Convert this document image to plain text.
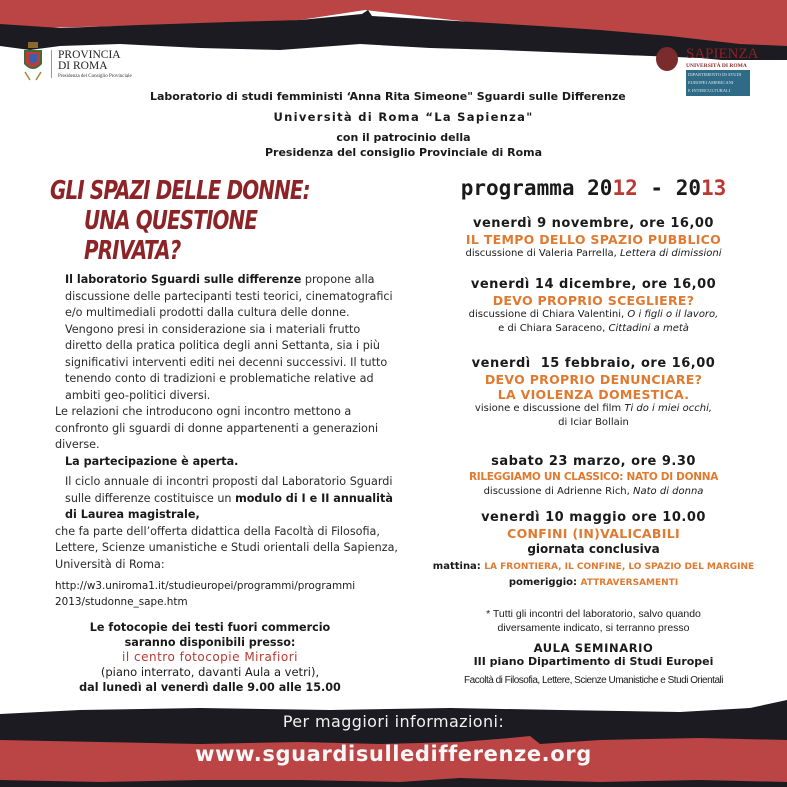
PROVINCIA
DI ROMA
Presidenza del Consiglio Provinciale
SAPIENZA
UNIVERSITÀ DI ROMA
DIPARTIMENTO DI STUDI
EUROPEI AMERICANI
E INTERCULTURALI
Laboratorio di studi femministi ‘Anna Rita Simeone" Sguardi sulle Differenze
Università di Roma “La Sapienza"
con il patrocinio della
Presidenza del consiglio Provinciale di Roma
GLI SPAZI DELLE DONNE:
UNA QUESTIONE PRIVATA?
Il laboratorio Sguardi sulle differenze propone alla discussione delle partecipanti testi teorici, cinematografici e/o multimediali prodotti dalla cultura delle donne. Vengono presi in considerazione sia i materiali frutto diretto della pratica politica degli anni Settanta, sia i più significativi interventi editi nei decenni successivi. Il tutto tenendo conto di tradizioni e problematiche relative ad ambiti geo-politici diversi.
Le relazioni che introducono ogni incontro mettono a confronto gli sguardi di donne appartenenti a generazioni diverse.
La partecipazione è aperta.
Il ciclo annuale di incontri proposti dal Laboratorio Sguardi sulle differenze costituisce un modulo di I e II annualità di Laurea magistrale,
che fa parte dell’offerta didattica della Facoltà di Filosofia, Lettere, Scienze umanistiche e Studi orientali della Sapienza, Università di Roma:
http://w3.uniroma1.it/studieuropei/programmi/programmi
2013/studonne_sape.htm
Le fotocopie dei testi fuori commercio
saranno disponibili presso:
il centro fotocopie Mirafiori
(piano interrato, davanti Aula a vetri),
dal lunedì al venerdì dalle 9.00 alle 15.00
programma 2012 - 2013
venerdì 9 novembre, ore 16,00
IL TEMPO DELLO SPAZIO PUBBLICO
discussione di Valeria Parrella, Lettera di dimissioni
venerdì 14 dicembre, ore 16,00
DEVO PROPRIO SCEGLIERE?
discussione di Chiara Valentini, O i figli o il lavoro,
e di Chiara Saraceno, Cittadini a metà
venerdì  15 febbraio, ore 16,00
DEVO PROPRIO DENUNCIARE?
LA VIOLENZA DOMESTICA.
visione e discussione del film Ti do i miei occhi,
di Iciar Bollain
sabato 23 marzo, ore 9.30
RILEGGIAMO UN CLASSICO: NATO DI DONNA
discussione di Adrienne Rich, Nato di donna
venerdì 10 maggio ore 10.00
CONFINI (IN)VALICABILI
giornata conclusiva
mattina: LA FRONTIERA, IL CONFINE, LO SPAZIO DEL MARGINE
pomeriggio: ATTRAVERSAMENTI
* Tutti gli incontri del laboratorio, salvo quando
diversamente indicato, si terranno presso
AULA SEMINARIO
III piano Dipartimento di Studi Europei
Facoltà di Filosofia, Lettere, Scienze Umanistiche e Studi Orientali
Per maggiori informazioni:
www.sguardisulledifferenze.org
